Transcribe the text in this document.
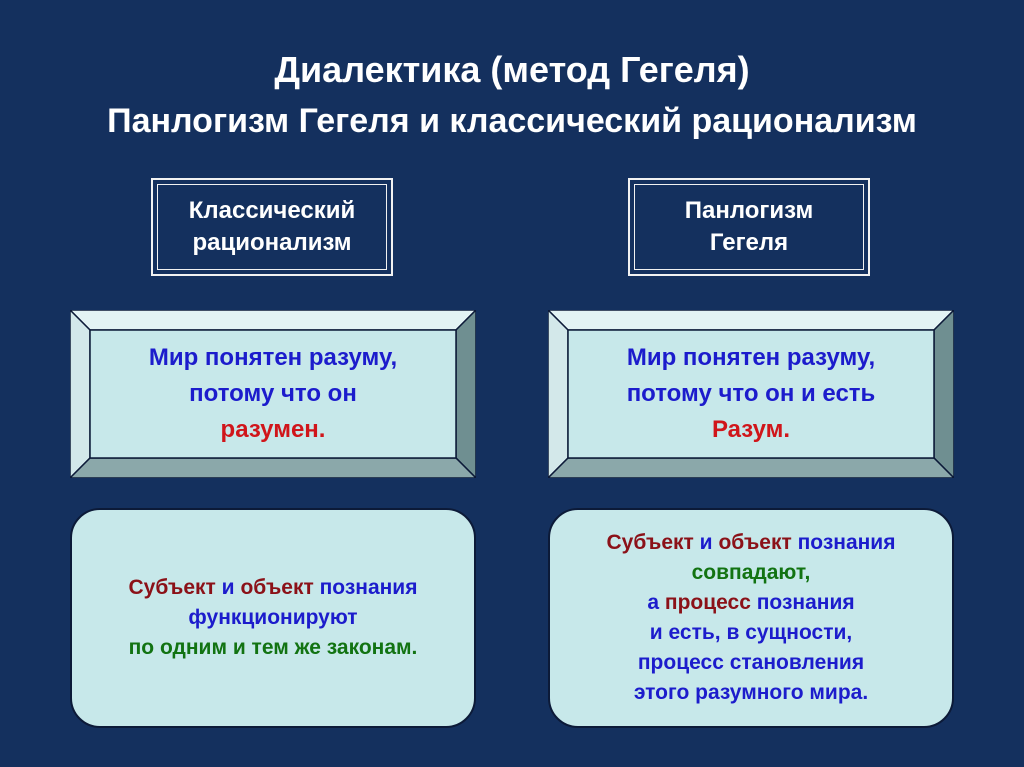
Диалектика (метод Гегеля)
Панлогизм Гегеля и классический рационализм
Классический
рационализм
Панлогизм
Гегеля
Мир понятен разуму,
потому что он
разумен.
Мир понятен разуму,
потому что он и есть
Разум.
Субъект и объект познания
функционируют
по одним и тем же законам.
Субъект и объект познания
совпадают,
а процесс познания
и есть, в сущности,
процесс становления
этого разумного мира.
